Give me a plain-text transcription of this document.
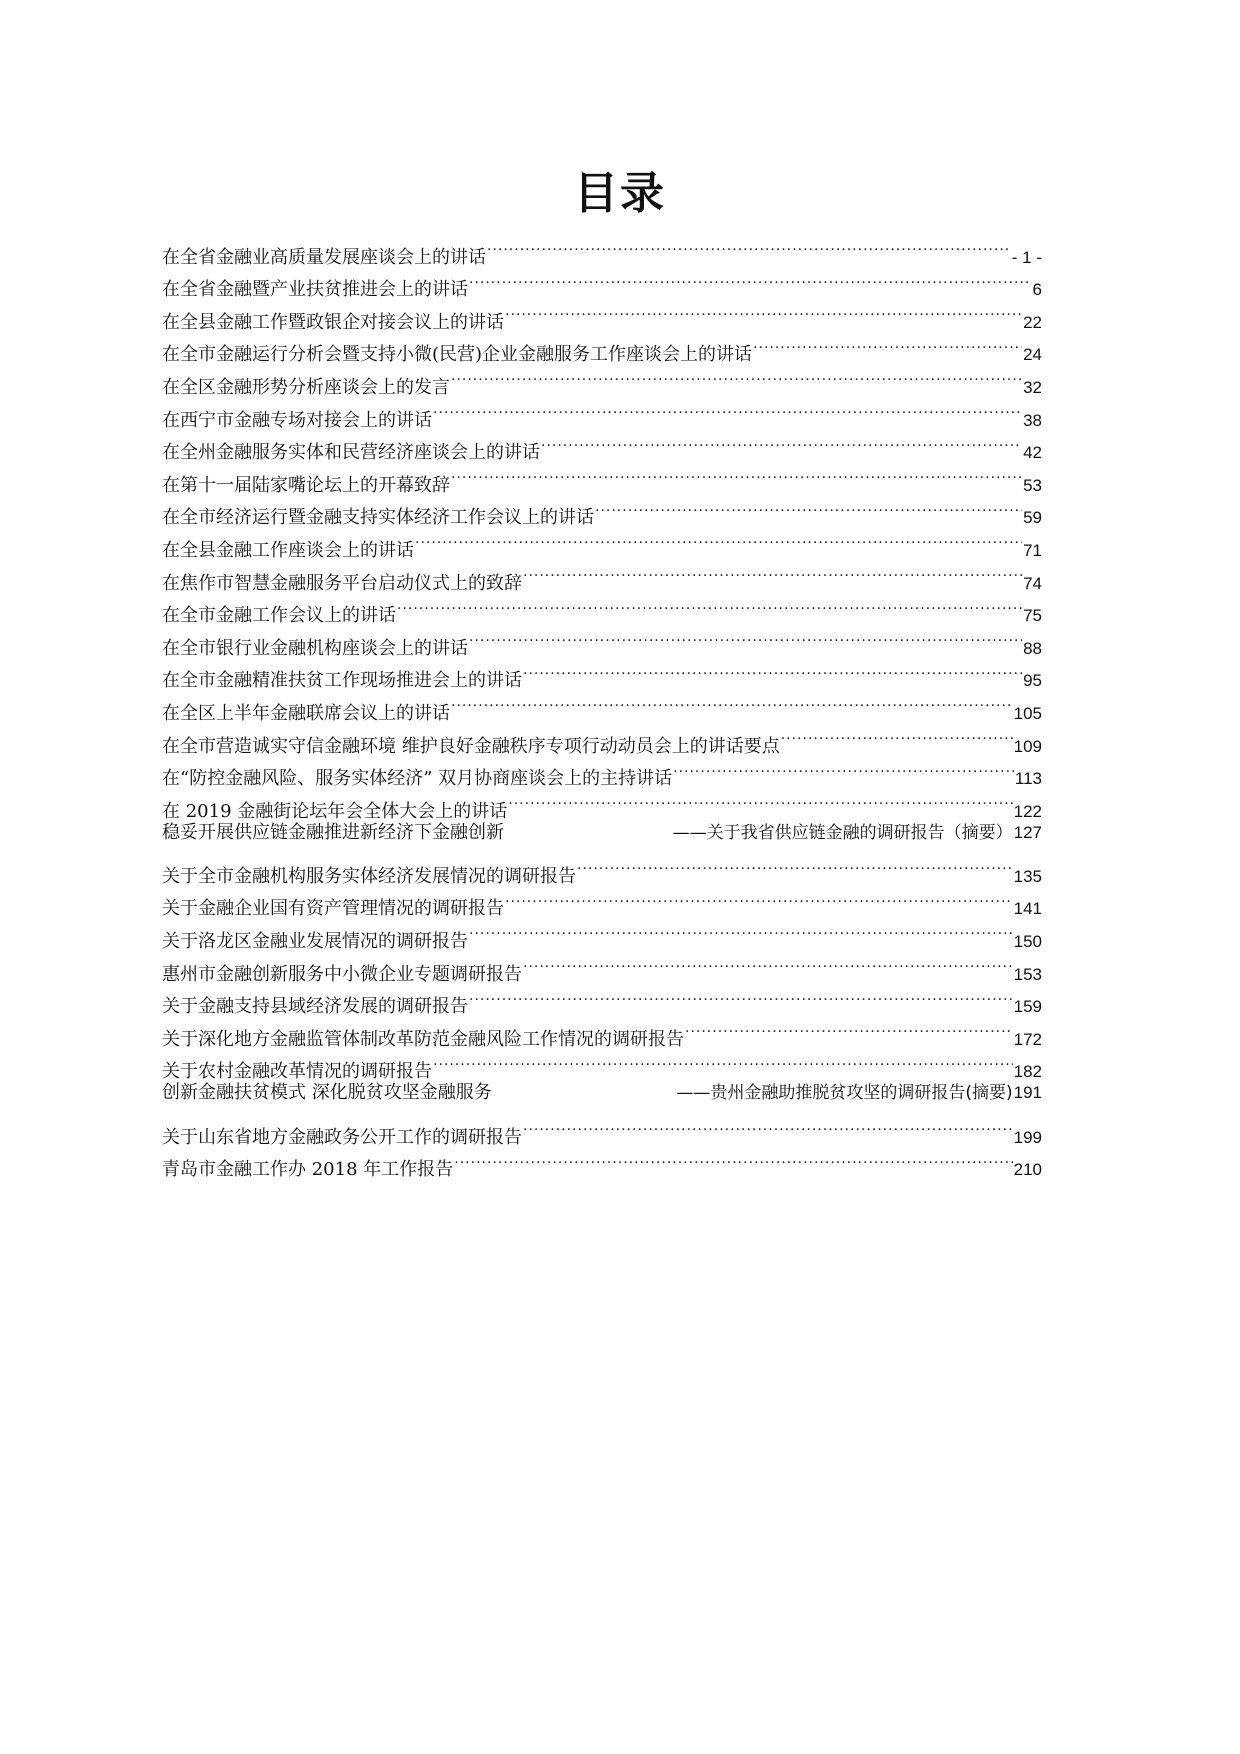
目录
在全省金融业高质量发展座谈会上的讲话 .....	- 1 -
在全省金融暨产业扶贫推进会上的讲话 .....	6
在全县金融工作暨政银企对接会议上的讲话 .....	22
在全市金融运行分析会暨支持小微(民营)企业金融服务工作座谈会上的讲话 .....	24
在全区金融形势分析座谈会上的发言 .....	32
在西宁市金融专场对接会上的讲话 .....	38
在全州金融服务实体和民营经济座谈会上的讲话 .....	42
在第十一届陆家嘴论坛上的开幕致辞 .....	53
在全市经济运行暨金融支持实体经济工作会议上的讲话 .....	59
在全县金融工作座谈会上的讲话 .....	71
在焦作市智慧金融服务平台启动仪式上的致辞 .....	74
在全市金融工作会议上的讲话 .....	75
在全市银行业金融机构座谈会上的讲话 .....	88
在全市金融精准扶贫工作现场推进会上的讲话 .....	95
在全区上半年金融联席会议上的讲话 .....	105
在全市营造诚实守信金融环境 维护良好金融秩序专项行动动员会上的讲话要点 .....	109
在“防控金融风险、服务实体经济” 双月协商座谈会上的主持讲话 .....	113
在 2019 金融街论坛年会全体大会上的讲话 .....	122
稳妥开展供应链金融推进新经济下金融创新	——关于我省供应链金融的调研报告（摘要） 127
关于全市金融机构服务实体经济发展情况的调研报告 .....	135
关于金融企业国有资产管理情况的调研报告 .....	141
关于洛龙区金融业发展情况的调研报告 .....	150
惠州市金融创新服务中小微企业专题调研报告 .....	153
关于金融支持县域经济发展的调研报告 .....	159
关于深化地方金融监管体制改革防范金融风险工作情况的调研报告 .....	172
关于农村金融改革情况的调研报告 .....	182
创新金融扶贫模式 深化脱贫攻坚金融服务	——贵州金融助推脱贫攻坚的调研报告(摘要) 191
关于山东省地方金融政务公开工作的调研报告 .....	199
青岛市金融工作办 2018 年工作报告 .....	210
